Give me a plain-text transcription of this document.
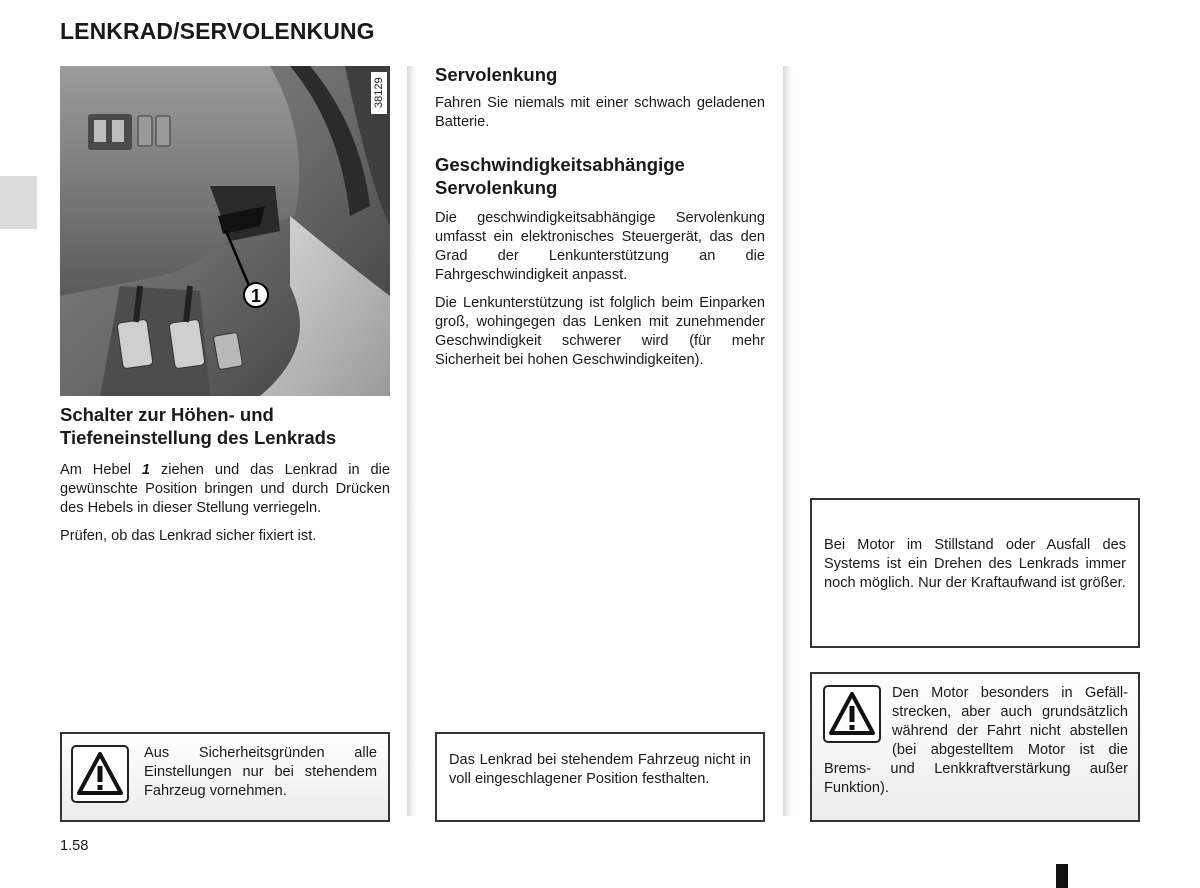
LENKRAD/SERVOLENKUNG
1
38129
Schalter zur Höhen- und Tiefeneinstellung des Lenkrads

Am Hebel 1 ziehen und das Lenkrad in die gewünschte Position bringen und durch Drücken des Hebels in dieser Stellung verriegeln.

Prüfen, ob das Lenkrad sicher fixiert ist.

Aus Sicherheitsgründen alle Einstellungen nur bei stehendem Fahrzeug vornehmen.

Servolenkung

Fahren Sie niemals mit einer schwach geladenen Batterie.

Geschwindigkeitsabhängige Servolenkung

Die geschwindigkeitsabhängige Servolenkung umfasst ein elektronisches Steuergerät, das den Grad der Lenkunterstützung an die Fahrgeschwindigkeit anpasst.

Die Lenkunterstützung ist folglich beim Einparken groß, wohingegen das Lenken mit zunehmender Geschwindigkeit schwerer wird (für mehr Sicherheit bei hohen Geschwindigkeiten).

Das Lenkrad bei stehendem Fahrzeug nicht in voll eingeschlagener Position festhalten.

Bei Motor im Stillstand oder Ausfall des Systems ist ein Drehen des Lenkrads immer noch möglich. Nur der Kraftaufwand ist größer.

Den Motor besonders in Gefällstrecken, aber auch grundsätzlich während der Fahrt nicht abstellen (bei abgestelltem Motor ist die Brems- und Lenkkraftverstärkung außer Funktion).

1.58
